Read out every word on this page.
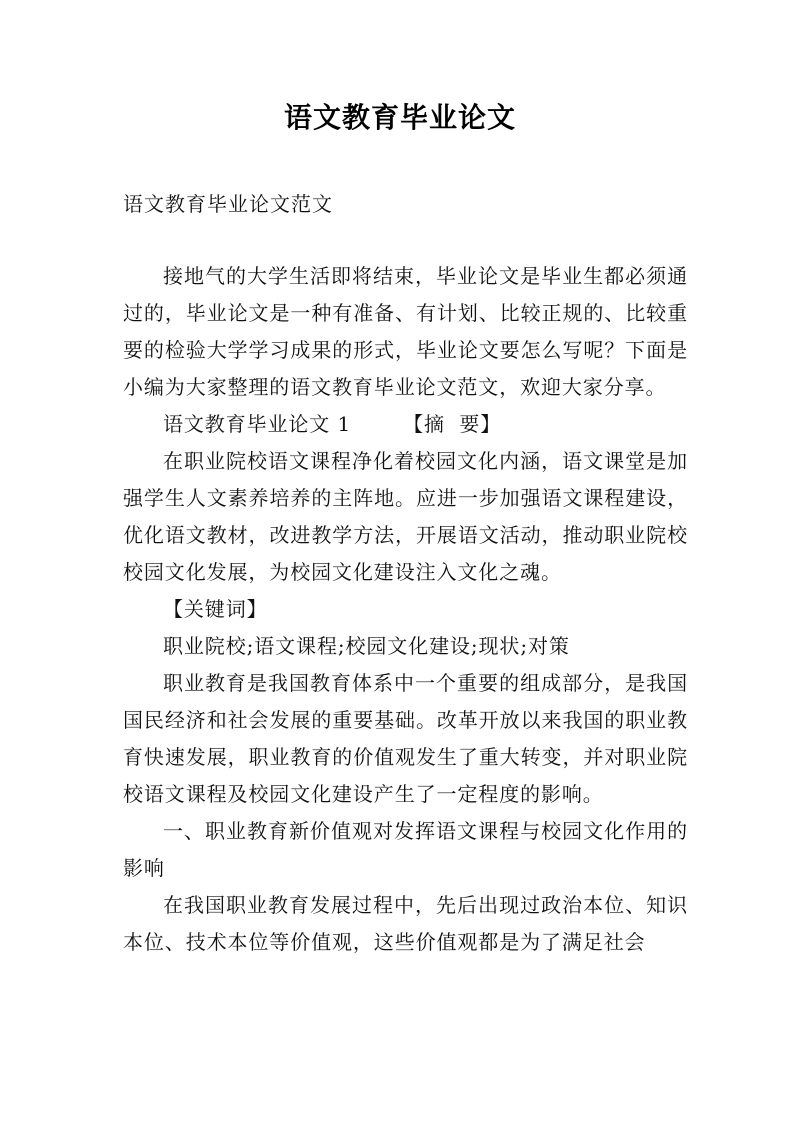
语文教育毕业论文
语文教育毕业论文范文

接地气的大学生活即将结束，毕业论文是毕业生都必须通过的，毕业论文是一种有准备、有计划、比较正规的、比较重要的检验大学学习成果的形式，毕业论文要怎么写呢？下面是小编为大家整理的语文教育毕业论文范文，欢迎大家分享。

语文教育毕业论文 1	【摘  要】

在职业院校语文课程净化着校园文化内涵，语文课堂是加强学生人文素养培养的主阵地。应进一步加强语文课程建设，优化语文教材，改进教学方法，开展语文活动，推动职业院校校园文化发展，为校园文化建设注入文化之魂。

【关键词】

职业院校;语文课程;校园文化建设;现状;对策

职业教育是我国教育体系中一个重要的组成部分，是我国国民经济和社会发展的重要基础。改革开放以来我国的职业教育快速发展，职业教育的价值观发生了重大转变，并对职业院校语文课程及校园文化建设产生了一定程度的影响。

一、职业教育新价值观对发挥语文课程与校园文化作用的影响

在我国职业教育发展过程中，先后出现过政治本位、知识本位、技术本位等价值观，这些价值观都是为了满足社会
